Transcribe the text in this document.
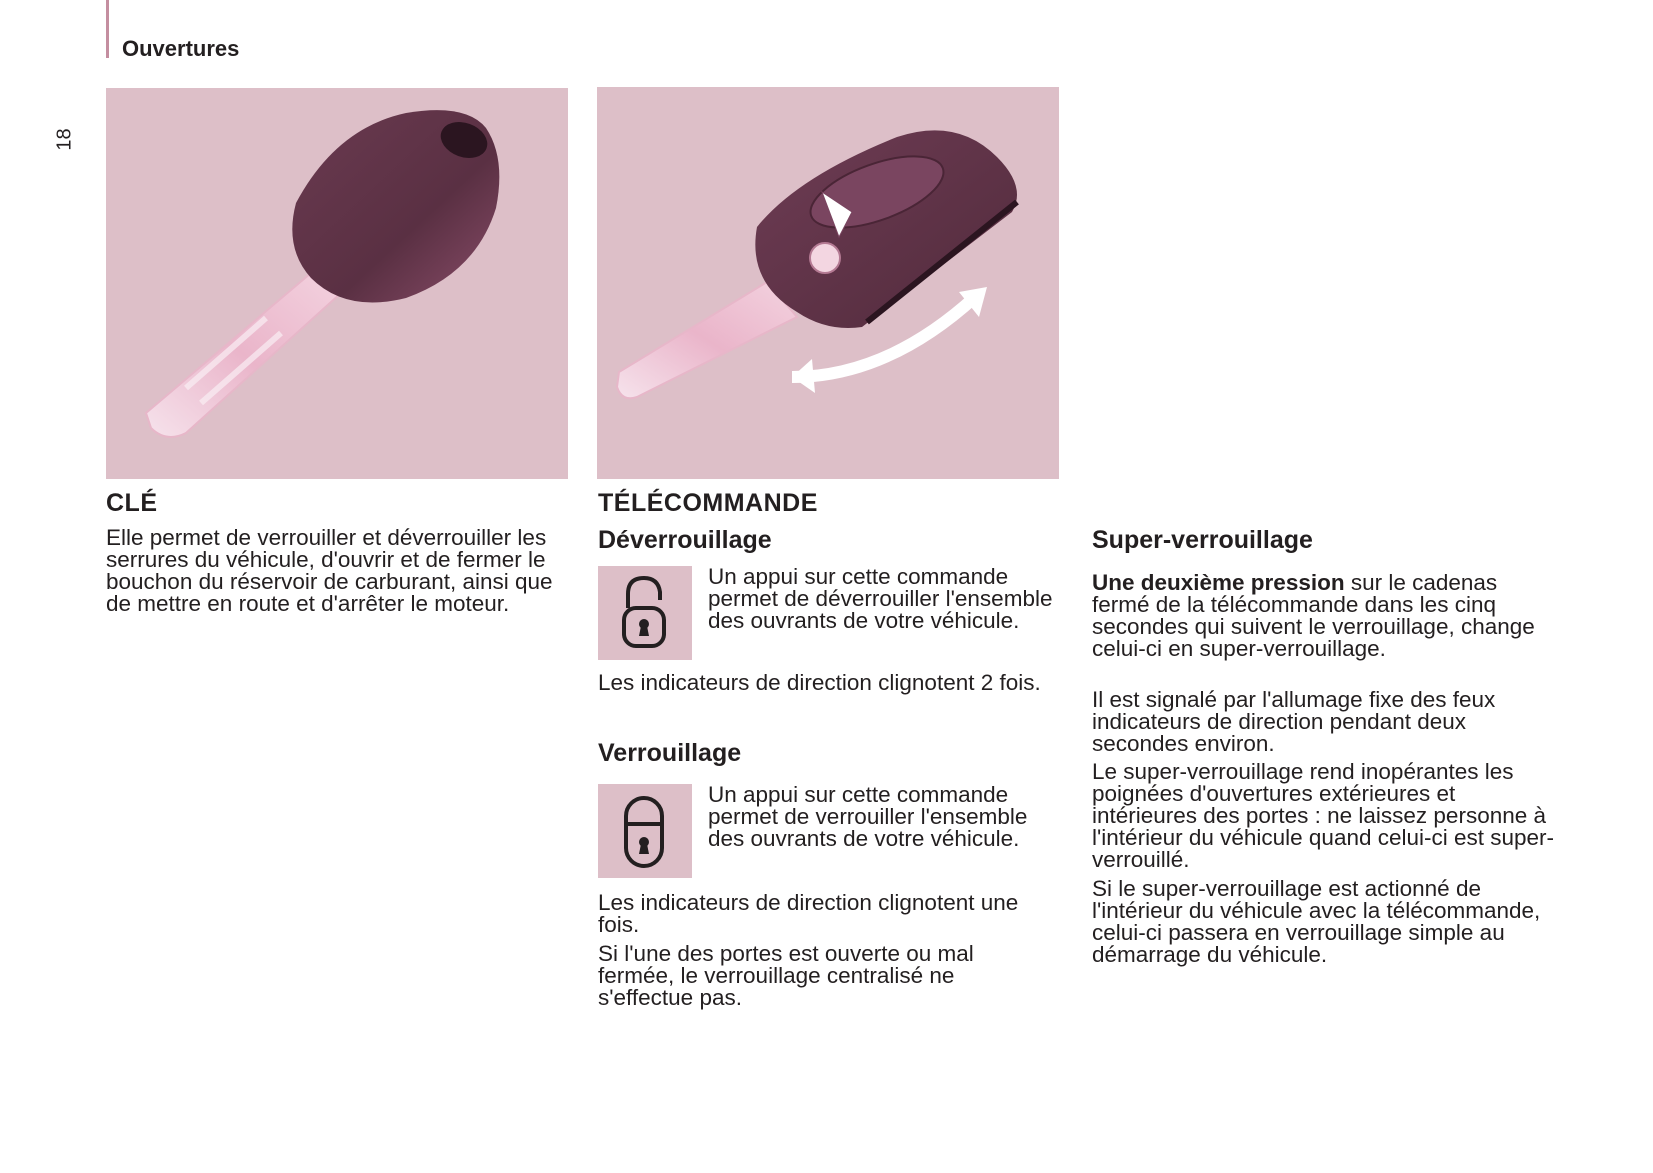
Ouvertures
18
CLÉ

Elle permet de verrouiller et déverrouiller les serrures du véhicule, d'ouvrir et de fermer le bouchon du réservoir de carburant, ainsi que de mettre en route et d'arrêter le moteur.

TÉLÉCOMMANDE
Déverrouillage

Un appui sur cette commande permet de déverrouiller l'ensemble des ouvrants de votre véhicule.

Les indicateurs de direction clignotent 2 fois.

Verrouillage

Un appui sur cette commande permet de verrouiller l'ensemble des ouvrants de votre véhicule.

Les indicateurs de direction clignotent une fois.

Si l'une des portes est ouverte ou mal fermée, le verrouillage centralisé ne s'effectue pas.

Super-verrouillage

Une deuxième pression sur le cadenas fermé de la télécommande dans les cinq secondes qui suivent le verrouillage, change celui-ci en super-verrouillage.

Il est signalé par l'allumage fixe des feux indicateurs de direction pendant deux secondes environ.

Le super-verrouillage rend inopérantes les poignées d'ouvertures extérieures et intérieures des portes : ne laissez personne à l'intérieur du véhicule quand celui-ci est super-verrouillé.

Si le super-verrouillage est actionné de l'intérieur du véhicule avec la télécommande, celui-ci passera en verrouillage simple au démarrage du véhicule.
